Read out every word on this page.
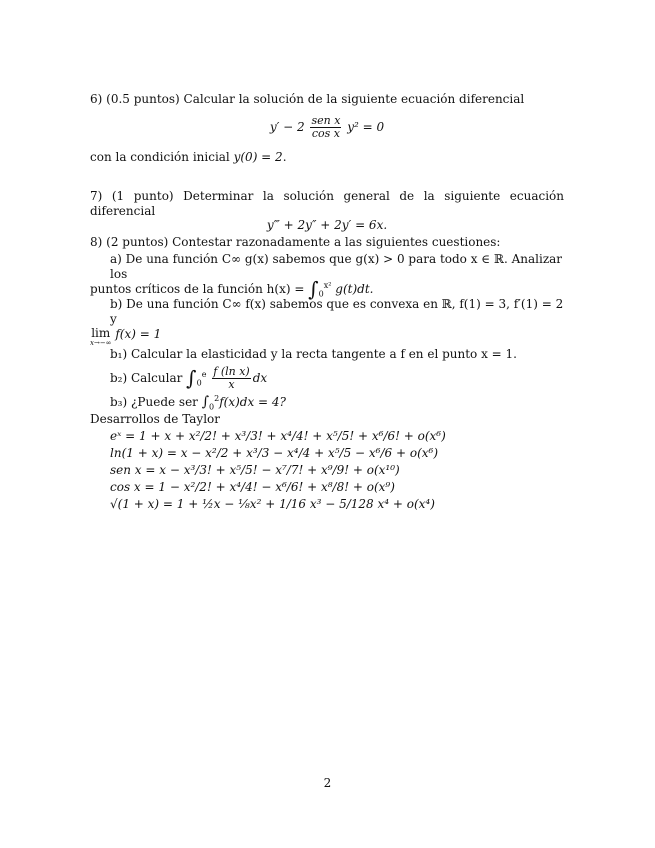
6) (0.5 puntos) Calcular la solución de la siguiente ecuación diferencial

$y' - 2 \frac{\text{sen x}}{\text{cos x}} y^2 = 0$

con la condición inicial y(0) = 2.

7) (1 punto) Determinar la solución general de la siguiente ecuación

diferencial

y‴ + 2y″ + 2y′ = 6x.

8) (2 puntos) Contestar razonadamente a las siguientes cuestiones:

a) De una función C∞ g(x) sabemos que g(x) > 0 para todo x ∈ ℝ. Analizar los

puntos críticos de la función $h(x) = \int_0^{x^2}$ g(t)dt.

b) De una función C∞ f(x) sabemos que es convexa en ℝ, f(1) = 3, f′(1) = 2 y

lim
x→−∞
f(x) = 1

b₁) Calcular la elasticidad y la recta tangente a f en el punto x = 1.

b₂) Calcular $\int_0^e \frac{\text{f (ln x)}}{x}$ dx

b₃) ¿Puede ser $\int_0^2f(x)dx = 4$?

Desarrollos de Taylor

eˣ = 1 + x + x²/2! + x³/3! + x⁴/4! + x⁵/5! + x⁶/6! + o(x⁶)
ln(1 + x) = x − x²/2 + x³/3 − x⁴/4 + x⁵/5 − x⁶/6 + o(x⁶)
sen x = x − x³/3! + x⁵/5! − x⁷/7! + x⁹/9! + o(x¹⁰)
cos x = 1 − x²/2! + x⁴/4! − x⁶/6! + x⁸/8! + o(x⁹)
√(1 + x) = 1 + ½x − ⅛x² + 1/16 x³ − 5/128 x⁴ + o(x⁴)
2
